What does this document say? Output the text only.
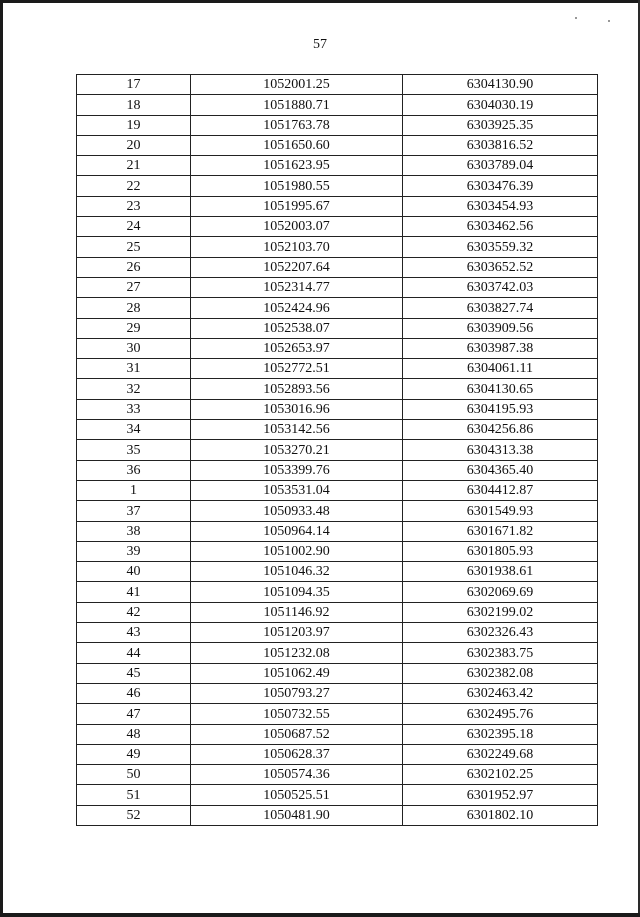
57
17	1052001.25	6304130.90
18	1051880.71	6304030.19
19	1051763.78	6303925.35
20	1051650.60	6303816.52
21	1051623.95	6303789.04
22	1051980.55	6303476.39
23	1051995.67	6303454.93
24	1052003.07	6303462.56
25	1052103.70	6303559.32
26	1052207.64	6303652.52
27	1052314.77	6303742.03
28	1052424.96	6303827.74
29	1052538.07	6303909.56
30	1052653.97	6303987.38
31	1052772.51	6304061.11
32	1052893.56	6304130.65
33	1053016.96	6304195.93
34	1053142.56	6304256.86
35	1053270.21	6304313.38
36	1053399.76	6304365.40
1	1053531.04	6304412.87
37	1050933.48	6301549.93
38	1050964.14	6301671.82
39	1051002.90	6301805.93
40	1051046.32	6301938.61
41	1051094.35	6302069.69
42	1051146.92	6302199.02
43	1051203.97	6302326.43
44	1051232.08	6302383.75
45	1051062.49	6302382.08
46	1050793.27	6302463.42
47	1050732.55	6302495.76
48	1050687.52	6302395.18
49	1050628.37	6302249.68
50	1050574.36	6302102.25
51	1050525.51	6301952.97
52	1050481.90	6301802.10
